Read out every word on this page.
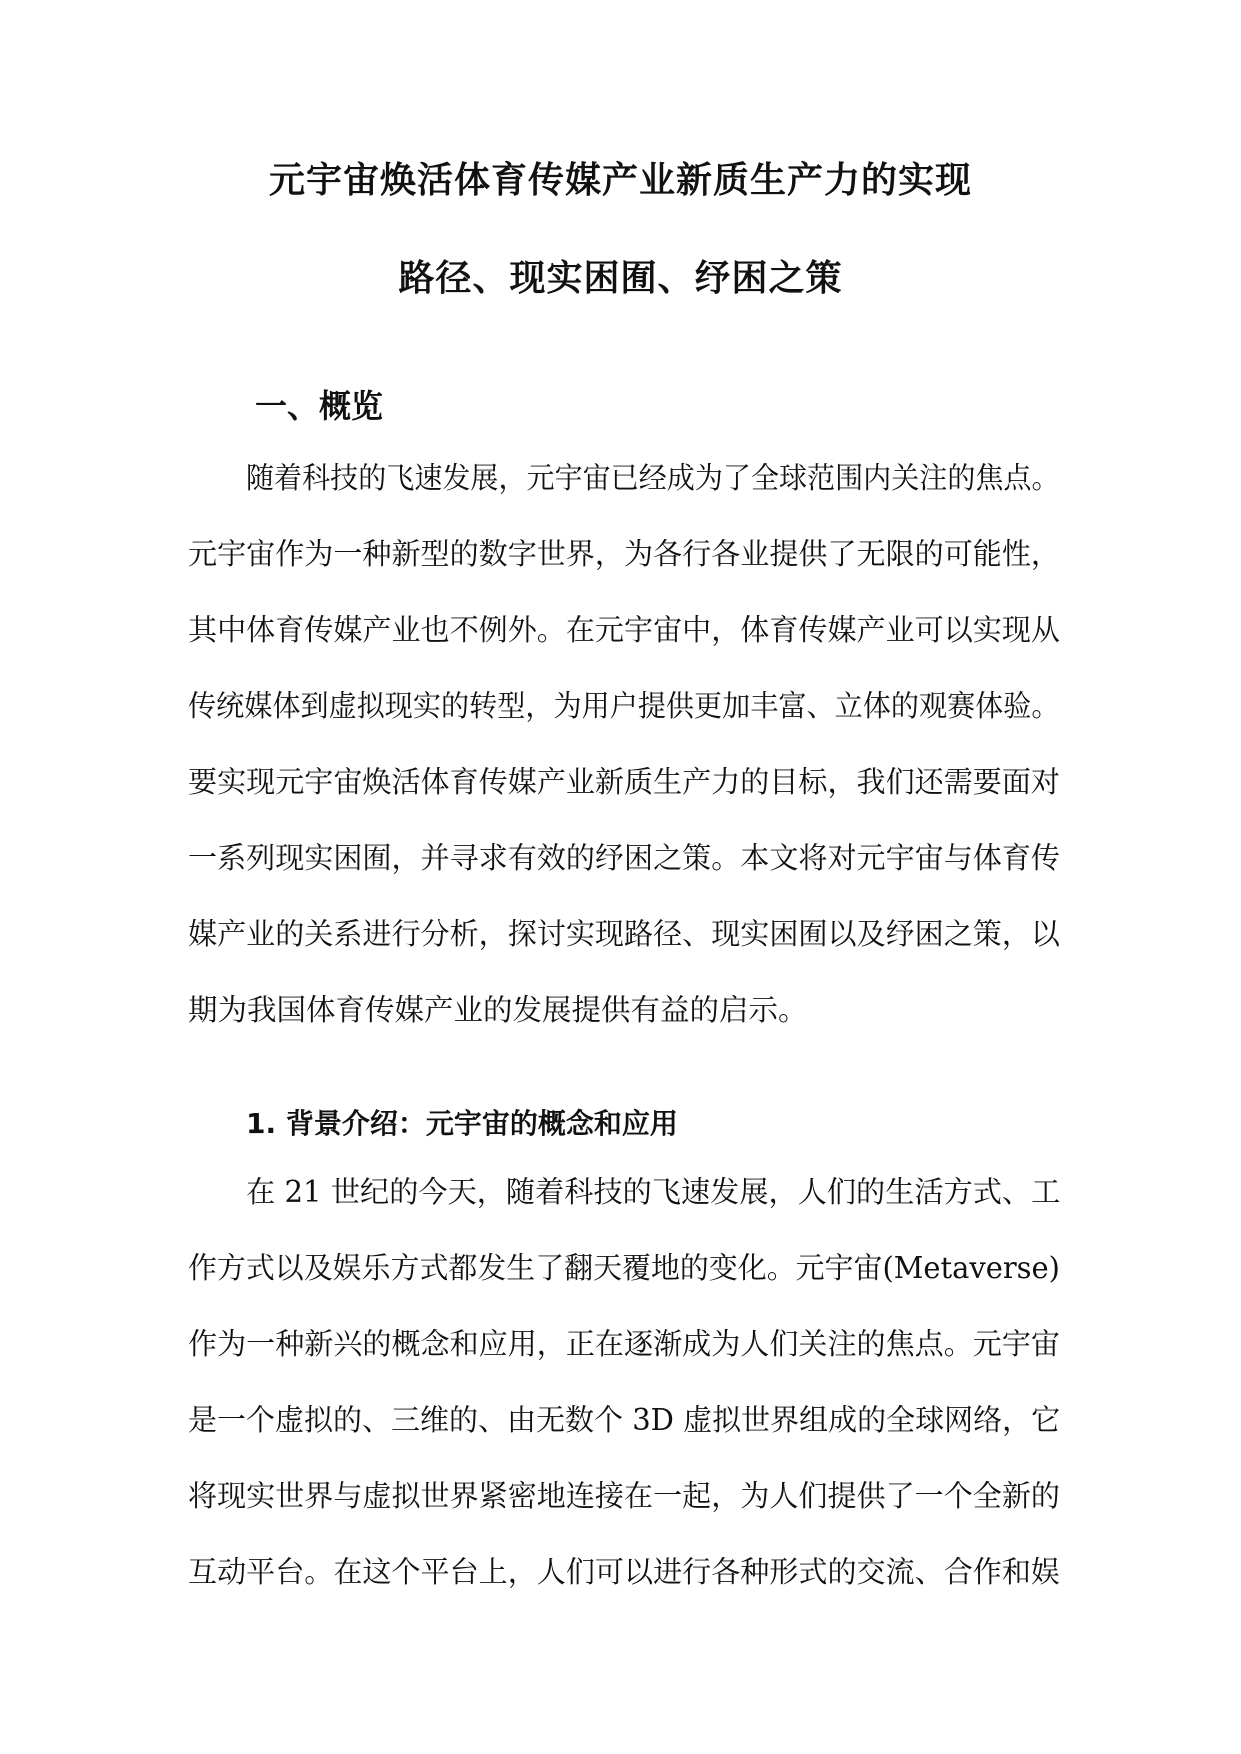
元宇宙焕活体育传媒产业新质生产力的实现
路径、现实困囿、纾困之策
一、概览
随着科技的飞速发展，元宇宙已经成为了全球范围内关注的焦点。
元宇宙作为一种新型的数字世界，为各行各业提供了无限的可能性，
其中体育传媒产业也不例外。在元宇宙中，体育传媒产业可以实现从
传统媒体到虚拟现实的转型，为用户提供更加丰富、立体的观赛体验。
要实现元宇宙焕活体育传媒产业新质生产力的目标，我们还需要面对
一系列现实困囿，并寻求有效的纾困之策。本文将对元宇宙与体育传
媒产业的关系进行分析，探讨实现路径、现实困囿以及纾困之策，以
期为我国体育传媒产业的发展提供有益的启示。
1. 背景介绍：元宇宙的概念和应用
在 21 世纪的今天，随着科技的飞速发展，人们的生活方式、工
作方式以及娱乐方式都发生了翻天覆地的变化。元宇宙(Metaverse)
作为一种新兴的概念和应用，正在逐渐成为人们关注的焦点。元宇宙
是一个虚拟的、三维的、由无数个 3D 虚拟世界组成的全球网络，它
将现实世界与虚拟世界紧密地连接在一起，为人们提供了一个全新的
互动平台。在这个平台上，人们可以进行各种形式的交流、合作和娱
